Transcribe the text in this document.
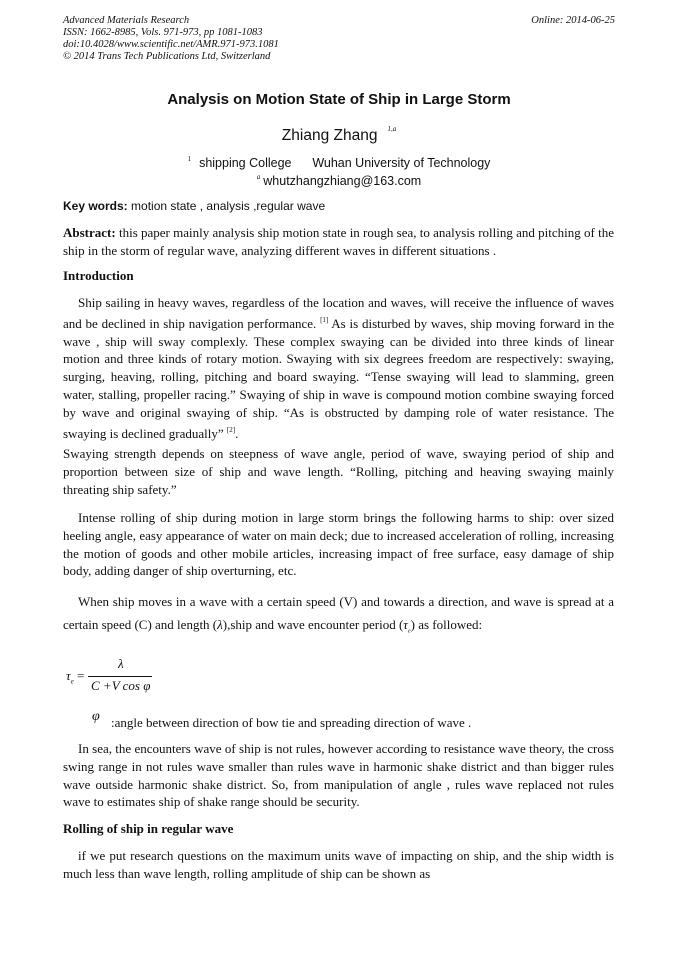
Advanced Materials Research
ISSN: 1662-8985, Vols. 971-973, pp 1081-1083
doi:10.4028/www.scientific.net/AMR.971-973.1081
© 2014 Trans Tech Publications Ltd, Switzerland
Online: 2014-06-25
Analysis on Motion State of Ship in Large Storm
Zhiang Zhang $^{1,a}$
$^1$ shipping College      Wuhan University of Technology
$^a$ whutzhangzhiang@163.com
Key words: motion state , analysis ,regular wave
Abstract: this paper mainly analysis ship motion state in rough sea, to analysis rolling and pitching of the ship in the storm of regular wave, analyzing different waves in different situations .
Introduction
Ship sailing in heavy waves, regardless of the location and waves, will receive the influence of waves and be declined in ship navigation performance. [1] As is disturbed by waves, ship moving forward in the wave , ship will sway complexly. These complex swaying can be divided into three kinds of linear motion and three kinds of rotary motion. Swaying with six degrees freedom are respectively: swaying, surging, heaving, rolling, pitching and board swaying. “Tense swaying will lead to slamming, green water, stalling, propeller racing.” Swaying of ship in wave is compound motion combine swaying forced by wave and original swaying of ship. “As is obstructed by damping role of water resistance. The swaying is declined gradually” [2].
Swaying strength depends on steepness of wave angle, period of wave, swaying period of ship and proportion between size of ship and wave length. “Rolling, pitching and heaving swaying mainly threating ship safety.”
Intense rolling of ship during motion in large storm brings the following harms to ship: over sized heeling angle, easy appearance of water on main deck; due to increased acceleration of rolling, increasing the motion of goods and other mobile articles, increasing impact of free surface, easy damage of ship body, adding danger of ship overturning, etc.
When ship moves in a wave with a certain speed (V) and towards a direction, and wave is spread at a certain speed (C) and length (λ),ship and wave encounter period $(\tau_e)$ as followed:
$\tau_e$ =
λ
C +V cos φ
φ :angle between direction of bow tie and spreading direction of wave .
In sea, the encounters wave of ship is not rules, however according to resistance wave theory, the cross swing range in not rules wave smaller than rules wave in harmonic shake district and than bigger rules wave outside harmonic shake district. So, from manipulation of angle , rules wave replaced not rules wave to estimates ship of shake range should be security.
Rolling of ship in regular wave
if we put research questions on the maximum units wave of impacting on ship, and the ship width is much less than wave length, rolling amplitude of ship can be shown as
